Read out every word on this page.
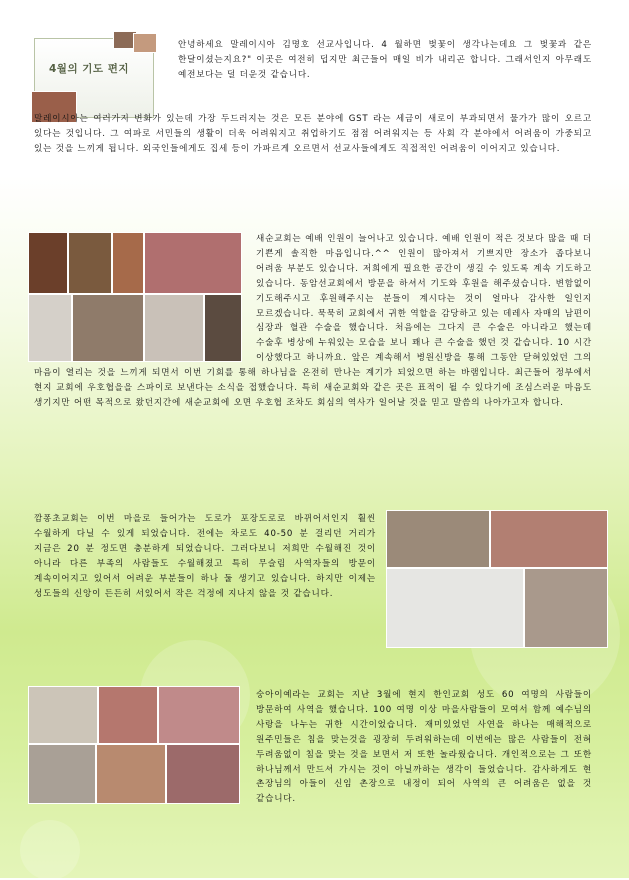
4월의 기도 편지

안녕하세요 말레이시아 김명호 선교사입니다. 4 월하면 벚꽃이 생각나는데요 그 벚꽃과 같은 한달이셨는지요?" 이곳은 여전히 덥지만 최근들어 매일 비가 내리곤 합니다. 그래서인지 아무래도 예전보다는 덜 더운것 같습니다.

말레이시아는 여러가지 변화가 있는데 가장 두드러지는 것은 모든 분야에 GST 라는 세금이 새로이 부과되면서 물가가 많이 오르고 있다는 것입니다. 그 여파로 서민들의 생활이 더욱 어려워지고 취업하기도 점점 어려워지는 등 사회 각 분야에서 어려움이 가중되고 있는 것을 느끼게 됩니다. 외국인들에게도 집세 등이 가파르게 오르면서 선교사들에게도 직접적인 어려움이 이어지고 있습니다.

새순교회는 예배 인원이 늘어나고 있습니다. 예배 인원이 적은 것보다 많을 때 더 기쁜게 솔직한 마음입니다.^^ 인원이 많아져서 기쁘지만 장소가 좁다보니 어려움 부분도 있습니다. 저희에게 필요한 공간이 생길 수 있도록 계속 기도하고 있습니다. 동암선교회에서 방문을 하셔서 기도와 후원을 해주셨습니다. 변함없이 기도해주시고 후원해주시는 분들이 계시다는 것이 얼마나 감사한 일인지 모르겠습니다. 묵묵히 교회에서 귀한 역할을 감당하고 있는 데레사 자매의 남편이 심장과 혈관 수술을 했습니다. 처음에는 그다지 큰 수술은 아니라고 했는데 수술후 병상에 누워있는 모습을 보니 꽤나 큰 수술을 했던 것 같습니다. 10 시간 이상했다고 하니까요. 앞은 계속해서 병원신방을 통해 그동안 닫혀있었던 그의 마음이 열리는 것을 느끼게 되면서 이번 기회를 통해 하나님을 온전히 만나는 계기가 되었으면 하는 바램입니다. 최근들어 정부에서 현지 교회에 우호협을을 스파이로 보낸다는 소식을 접했습니다. 특히 새순교회와 같은 곳은 표적이 될 수 있다기에 조심스러운 마음도 생기지만 어떤 목적으로 왔던지간에 새순교회에 오면 우호협 조차도 회심의 역사가 일어날 것을 믿고 말씀의 나아가고자 합니다.

깜퐁초교회는 이번 마을로 들어가는 도로가 포장도로로 바뀌어서인지 훨씬 수월하게 다닐 수 있게 되었습니다. 전에는 차로도 40-50 분 걸리던 거리가 지금은 20 분 정도면 충분하게 되었습니다. 그러다보니 저희만 수월해진 것이 아니라 다른 부족의 사람들도 수월해졌고 특히 무슬림 사역자들의 방문이 계속이어지고 있어서 어려운 부분들이 하나 둘 생기고 있습니다. 하지만 이제는 성도들의 신앙이 든든히 서있어서 작은 걱정에 지나지 않을 것 같습니다.

숭아이예라는 교회는 지난 3월에 현지 한인교회 성도 60 여명의 사람들이 방문하여 사역을 했습니다. 100 여명 이상 마을사람들이 모여서 함께 예수님의 사랑을 나누는 귀한 시간이었습니다. 재미있었던 사연을 하나는 매해적으로 원주민들은 침을 맞는것을 굉장히 두려워하는데 이번에는 많은 사람들이 전혀 두려움없이 침을 맞는 것을 보면서 저 또한 놀라웠습니다. 개인적으로는 그 또한 하나님께서 만드셔 가시는 것이 아닐까하는 생각이 들었습니다. 감사하게도 현 촌장님의 아들이 신임 촌장으로 내정이 되어 사역의 큰 어려움은 없을 것 같습니다.
